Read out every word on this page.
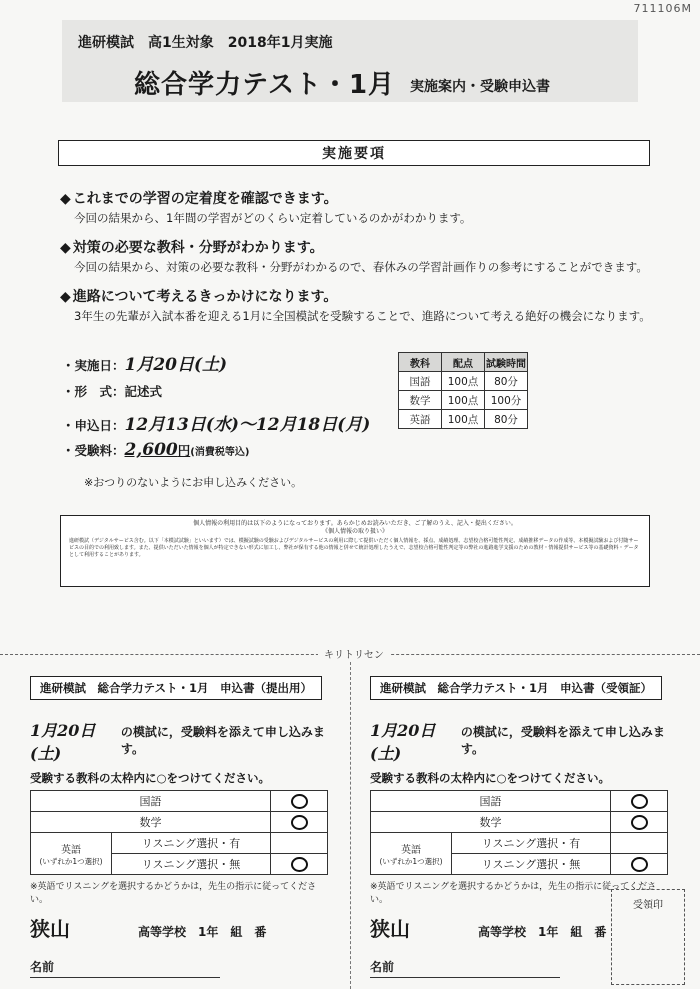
711106M
進研模試　高1生対象　2018年1月実施
総合学力テスト・1月 実施案内・受験申込書
実施要項
◆ これまでの学習の定着度を確認できます。
今回の結果から、1年間の学習がどのくらい定着しているのかがわかります。
◆ 対策の必要な教科・分野がわかります。
今回の結果から、対策の必要な教科・分野がわかるので、春休みの学習計画作りの参考にすることができます。
◆ 進路について考えるきっかけになります。
3年生の先輩が入試本番を迎える1月に全国模試を受験することで、進路について考える絶好の機会になります。
・実施日：1月20日(土)
・形　式：記述式
・申込日：12月13日(水)～12月18日(月)
・受験料：2,600円(消費税等込)
※おつりのないようにお申し込みください。
教科	配点	試験時間
国語	100点	80分
数学	100点	100分
英語	100点	80分
個人情報の利用目的は以下のようになっております。あらかじめお読みいただき、ご了解のうえ、記入・提出ください。
《個人情報の取り扱い》
進研模試（デジタルサービス含む。以下「本模試試験」といいます）では、模擬試験の受験およびデジタルサービスの利用に際して提供いただく個人情報を、採点、成績処理、志望校合格可能性判定、成績推移データの作成等、本模擬試験および付随サービスの目的での利用致します。また、提供いただいた情報を個人が特定できない形式に加工し、弊社が保有する他の情報と併せて統計処理したうえで、志望校合格可能性判定等の弊社の進路進学支援のための教材・情報提供サービス等の基礎資料・データとして利用することがあります。
キリトリセン
進研模試　総合学力テスト・1月　申込書（提出用）
1月20日(土)
の模試に，受験料を添えて申し込みます。
受験する教科の太枠内に○をつけてください。
国語		
数学		
英語
(いずれか1つ選択)	リスニング選択・有	
	リスニング選択・無	
※英語でリスニングを選択するかどうかは，先生の指示に従ってください。
狭山	高等学校　1年　組　番
名前
進研模試　総合学力テスト・1月　申込書（受領証）
1月20日(土)
の模試に，受験料を添えて申し込みます。
受験する教科の太枠内に○をつけてください。
国語		
数学		
英語
(いずれか1つ選択)	リスニング選択・有	
	リスニング選択・無	
※英語でリスニングを選択するかどうかは，先生の指示に従ってください。
狭山	高等学校　1年　組　番
名前
受領印
